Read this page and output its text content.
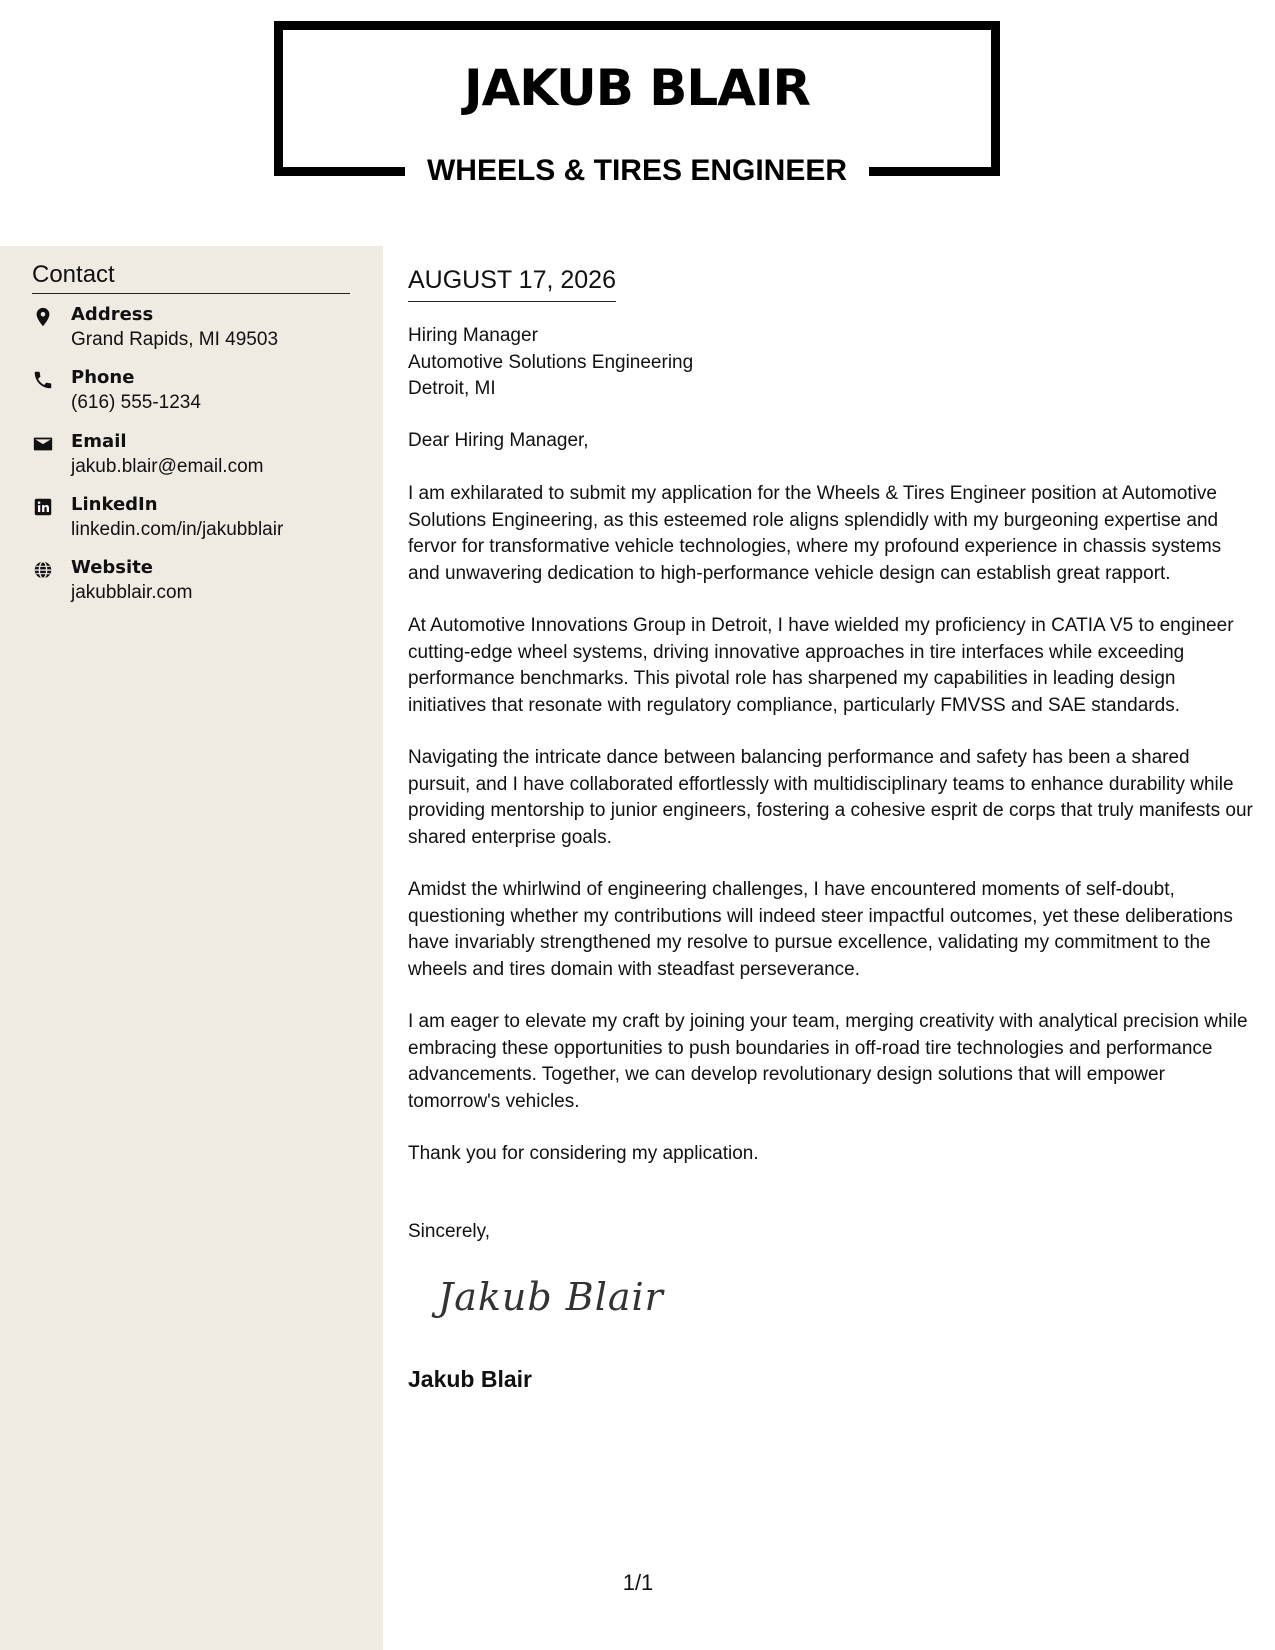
JAKUB BLAIR
WHEELS & TIRES ENGINEER
Contact
Address
Grand Rapids, MI 49503
Phone
(616) 555-1234
Email
jakub.blair@email.com
LinkedIn
linkedin.com/in/jakubblair
Website
jakubblair.com
AUGUST 17, 2026
Hiring Manager
Automotive Solutions Engineering
Detroit, MI
Dear Hiring Manager,
I am exhilarated to submit my application for the Wheels & Tires Engineer position at Automotive Solutions Engineering, as this esteemed role aligns splendidly with my burgeoning expertise and fervor for transformative vehicle technologies, where my profound experience in chassis systems and unwavering dedication to high-performance vehicle design can establish great rapport.
At Automotive Innovations Group in Detroit, I have wielded my proficiency in CATIA V5 to engineer cutting-edge wheel systems, driving innovative approaches in tire interfaces while exceeding performance benchmarks. This pivotal role has sharpened my capabilities in leading design initiatives that resonate with regulatory compliance, particularly FMVSS and SAE standards.
Navigating the intricate dance between balancing performance and safety has been a shared pursuit, and I have collaborated effortlessly with multidisciplinary teams to enhance durability while providing mentorship to junior engineers, fostering a cohesive esprit de corps that truly manifests our shared enterprise goals.
Amidst the whirlwind of engineering challenges, I have encountered moments of self-doubt, questioning whether my contributions will indeed steer impactful outcomes, yet these deliberations have invariably strengthened my resolve to pursue excellence, validating my commitment to the wheels and tires domain with steadfast perseverance.
I am eager to elevate my craft by joining your team, merging creativity with analytical precision while embracing these opportunities to push boundaries in off-road tire technologies and performance advancements. Together, we can develop revolutionary design solutions that will empower tomorrow's vehicles.
Thank you for considering my application.
Sincerely,
Jakub Blair
Jakub Blair
1/1
